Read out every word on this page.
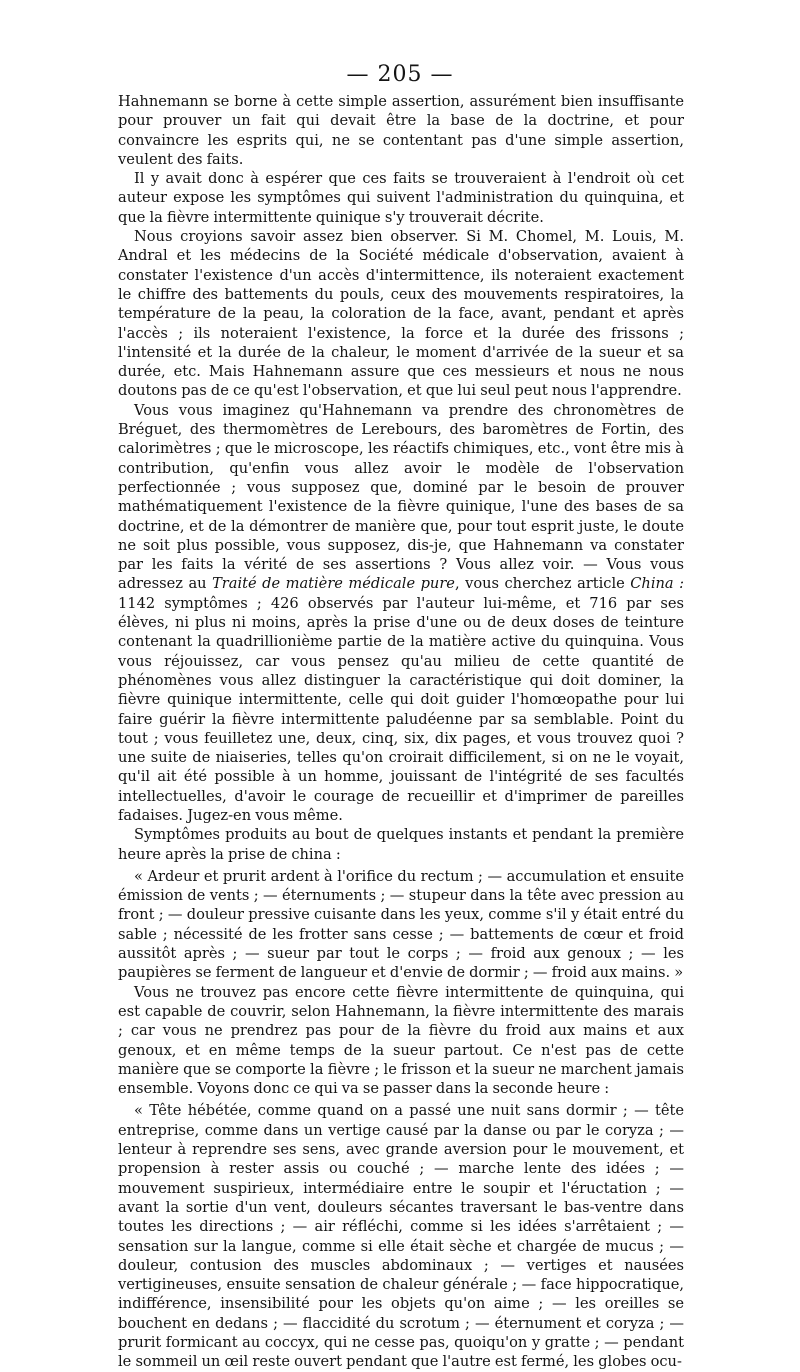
— 205 —

Hahnemann se borne à cette simple assertion, assurément bien insuffisante pour prouver un fait qui devait être la base de la doctrine, et pour convaincre les esprits qui, ne se contentant pas d'une simple assertion, veulent des faits.

Il y avait donc à espérer que ces faits se trouveraient à l'endroit où cet auteur expose les symptômes qui suivent l'administration du quinquina, et que la fièvre intermittente quinique s'y trouverait décrite.

Nous croyions savoir assez bien observer. Si M. Chomel, M. Louis, M. Andral et les médecins de la Société médicale d'observation, avaient à constater l'existence d'un accès d'intermittence, ils noteraient exactement le chiffre des battements du pouls, ceux des mouvements respiratoires, la température de la peau, la coloration de la face, avant, pendant et après l'accès ; ils noteraient l'existence, la force et la durée des frissons ; l'intensité et la durée de la chaleur, le moment d'arrivée de la sueur et sa durée, etc. Mais Hahnemann assure que ces messieurs et nous ne nous doutons pas de ce qu'est l'observation, et que lui seul peut nous l'apprendre.

Vous vous imaginez qu'Hahnemann va prendre des chronomètres de Bréguet, des thermomètres de Lerebours, des baromètres de Fortin, des calorimètres ; que le microscope, les réactifs chimiques, etc., vont être mis à contribution, qu'enfin vous allez avoir le modèle de l'observation perfectionnée ; vous supposez que, dominé par le besoin de prouver mathématiquement l'existence de la fièvre quinique, l'une des bases de sa doctrine, et de la démontrer de manière que, pour tout esprit juste, le doute ne soit plus possible, vous supposez, dis-je, que Hahnemann va constater par les faits la vérité de ses assertions ? Vous allez voir. — Vous vous adressez au Traité de matière médicale pure, vous cherchez article China : 1142 symptômes ; 426 observés par l'auteur lui-même, et 716 par ses élèves, ni plus ni moins, après la prise d'une ou de deux doses de teinture contenant la quadrillionième partie de la matière active du quinquina. Vous vous réjouissez, car vous pensez qu'au milieu de cette quantité de phénomènes vous allez distinguer la caractéristique qui doit dominer, la fièvre quinique intermittente, celle qui doit guider l'homœopathe pour lui faire guérir la fièvre intermittente paludéenne par sa semblable. Point du tout ; vous feuilletez une, deux, cinq, six, dix pages, et vous trouvez quoi ? une suite de niaiseries, telles qu'on croirait difficilement, si on ne le voyait, qu'il ait été possible à un homme, jouissant de l'intégrité de ses facultés intellectuelles, d'avoir le courage de recueillir et d'imprimer de pareilles fadaises. Jugez-en vous même.

Symptômes produits au bout de quelques instants et pendant la première heure après la prise de china :

« Ardeur et prurit ardent à l'orifice du rectum ; — accumulation et ensuite émission de vents ; — éternuments ; — stupeur dans la tête avec pression au front ; — douleur pressive cuisante dans les yeux, comme s'il y était entré du sable ; nécessité de les frotter sans cesse ; — battements de cœur et froid aussitôt après ; — sueur par tout le corps ; — froid aux genoux ; — les paupières se ferment de langueur et d'envie de dormir ; — froid aux mains. »

Vous ne trouvez pas encore cette fièvre intermittente de quinquina, qui est capable de couvrir, selon Hahnemann, la fièvre intermittente des marais ; car vous ne prendrez pas pour de la fièvre du froid aux mains et aux genoux, et en même temps de la sueur partout. Ce n'est pas de cette manière que se comporte la fièvre ; le frisson et la sueur ne marchent jamais ensemble. Voyons donc ce qui va se passer dans la seconde heure :

« Tête hébétée, comme quand on a passé une nuit sans dormir ; — tête entreprise, comme dans un vertige causé par la danse ou par le coryza ; — lenteur à reprendre ses sens, avec grande aversion pour le mouvement, et propension à rester assis ou couché ; — marche lente des idées ; — mouvement suspirieux, intermédiaire entre le soupir et l'éructation ; — avant la sortie d'un vent, douleurs sécantes traversant le bas-ventre dans toutes les directions ; — air réfléchi, comme si les idées s'arrêtaient ; — sensation sur la langue, comme si elle était sèche et chargée de mucus ; — douleur, contusion des muscles abdominaux ; — vertiges et nausées vertigineuses, ensuite sensation de chaleur générale ; — face hippocratique, indifférence, insensibilité pour les objets qu'on aime ; — les oreilles se bouchent en dedans ; — flaccidité du scrotum ; — éternument et coryza ; — prurit formicant au coccyx, qui ne cesse pas, quoiqu'on y gratte ; — pendant le sommeil un œil reste ouvert pendant que l'autre est fermé, les globes ocu-
